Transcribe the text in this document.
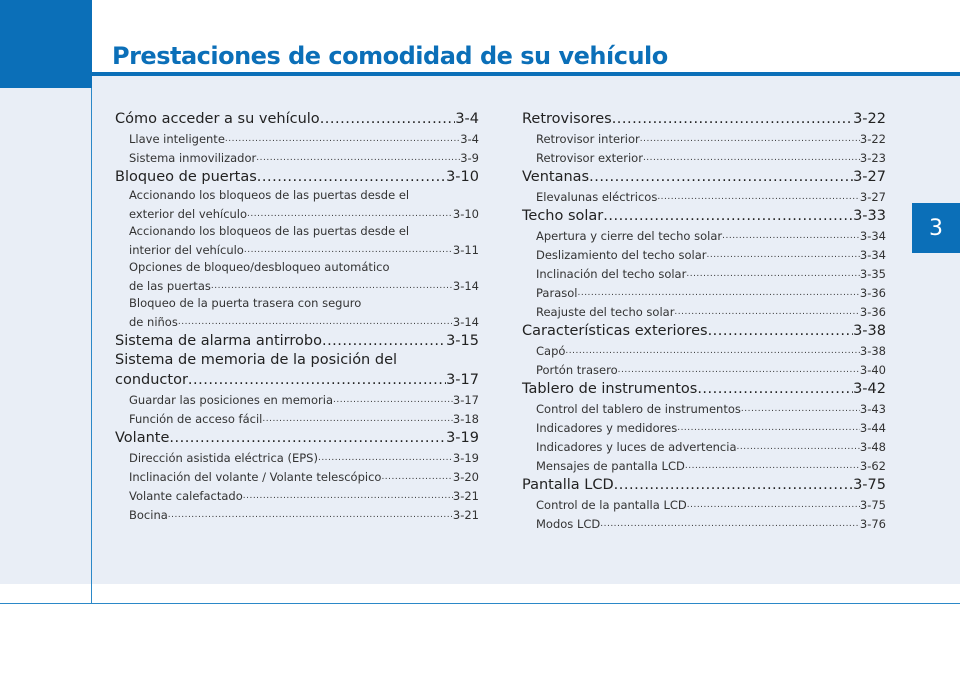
Prestaciones de comodidad de su vehículo
3
Cómo acceder a su vehículo .....	3-4
Llave inteligente .....	3-4
Sistema inmovilizador .....	3-9
Bloqueo de puertas .....	3-10
Accionando los bloqueos de las puertas desde el
exterior del vehículo .....	3-10
Accionando los bloqueos de las puertas desde el
interior del vehículo .....	3-11
Opciones de bloqueo/desbloqueo automático
de las puertas .....	3-14
Bloqueo de la puerta trasera con seguro
de niños .....	3-14
Sistema de alarma antirrobo .....	3-15
Sistema de memoria de la posición del
conductor .....	3-17
Guardar las posiciones en memoria .....	3-17
Función de acceso fácil .....	3-18
Volante .....	3-19
Dirección asistida eléctrica (EPS) .....	3-19
Inclinación del volante / Volante telescópico .....	3-20
Volante calefactado .....	3-21
Bocina .....	3-21
Retrovisores .....	3-22
Retrovisor interior .....	3-22
Retrovisor exterior .....	3-23
Ventanas .....	3-27
Elevalunas eléctricos .....	3-27
Techo solar .....	3-33
Apertura y cierre del techo solar .....	3-34
Deslizamiento del techo solar .....	3-34
Inclinación del techo solar .....	3-35
Parasol .....	3-36
Reajuste del techo solar .....	3-36
Características exteriores .....	3-38
Capó .....	3-38
Portón trasero .....	3-40
Tablero de instrumentos .....	3-42
Control del tablero de instrumentos .....	3-43
Indicadores y medidores .....	3-44
Indicadores y luces de advertencia .....	3-48
Mensajes de pantalla LCD .....	3-62
Pantalla LCD .....	3-75
Control de la pantalla LCD .....	3-75
Modos LCD .....	3-76
